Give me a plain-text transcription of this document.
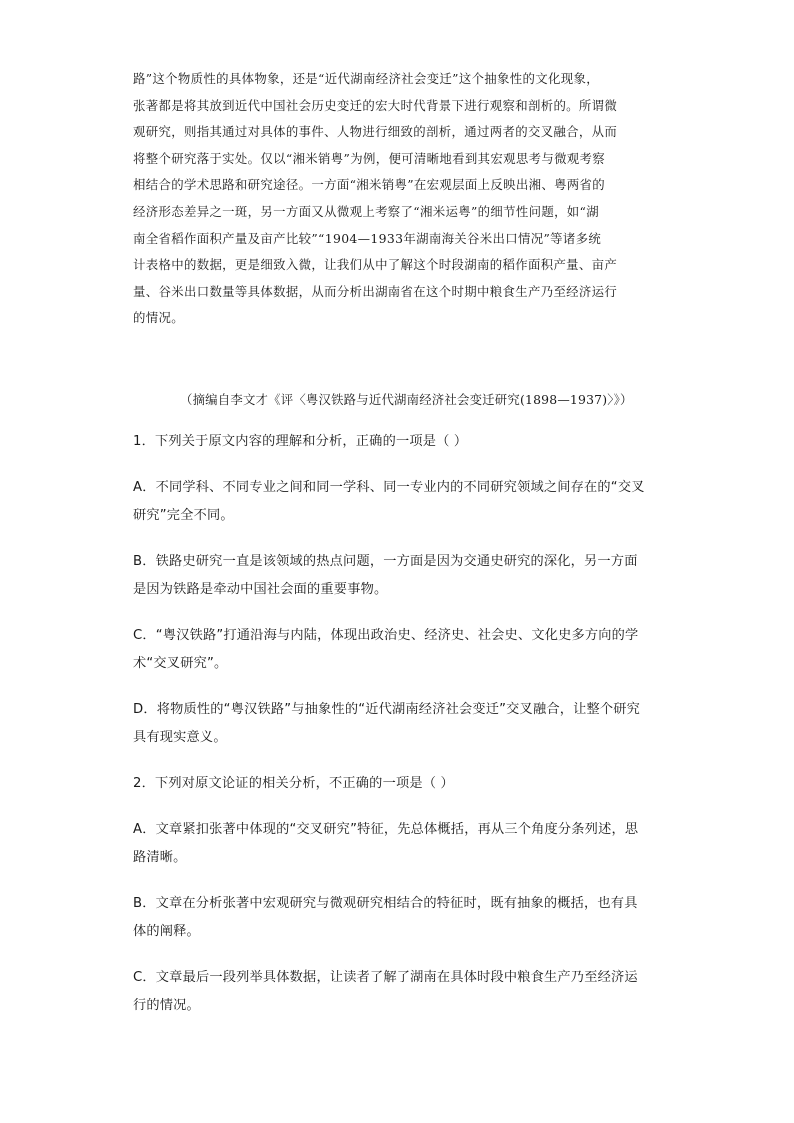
路”这个物质性的具体物象，还是“近代湖南经济社会变迁”这个抽象性的文化现象，
张著都是将其放到近代中国社会历史变迁的宏大时代背景下进行观察和剖析的。所谓微
观研究，则指其通过对具体的事件、人物进行细致的剖析，通过两者的交叉融合，从而
将整个研究落于实处。仅以“湘米销粤”为例，便可清晰地看到其宏观思考与微观考察
相结合的学术思路和研究途径。一方面“湘米销粤”在宏观层面上反映出湘、粤两省的
经济形态差异之一斑，另一方面又从微观上考察了“湘米运粤”的细节性问题，如“湖
南全省稻作面积产量及亩产比较”“1904—1933年湖南海关谷米出口情况”等诸多统
计表格中的数据，更是细致入微，让我们从中了解这个时段湖南的稻作面积产量、亩产
量、谷米出口数量等具体数据，从而分析出湖南省在这个时期中粮食生产乃至经济运行
的情况。
（摘编自李文才《评〈粤汉铁路与近代湖南经济社会变迁研究(1898—1937)〉》）
1．下列关于原文内容的理解和分析，正确的一项是（ ）
A．不同学科、不同专业之间和同一学科、同一专业内的不同研究领域之间存在的“交叉
研究”完全不同。
B．铁路史研究一直是该领域的热点问题，一方面是因为交通史研究的深化，另一方面
是因为铁路是牵动中国社会面的重要事物。
C．“粤汉铁路”打通沿海与内陆，体现出政治史、经济史、社会史、文化史多方向的学
术“交叉研究”。
D．将物质性的“粤汉铁路”与抽象性的“近代湖南经济社会变迁”交叉融合，让整个研究
具有现实意义。
2．下列对原文论证的相关分析，不正确的一项是（ ）
A．文章紧扣张著中体现的“交叉研究”特征，先总体概括，再从三个角度分条列述，思
路清晰。
B．文章在分析张著中宏观研究与微观研究相结合的特征时，既有抽象的概括，也有具
体的阐释。
C．文章最后一段列举具体数据，让读者了解了湖南在具体时段中粮食生产乃至经济运
行的情况。
